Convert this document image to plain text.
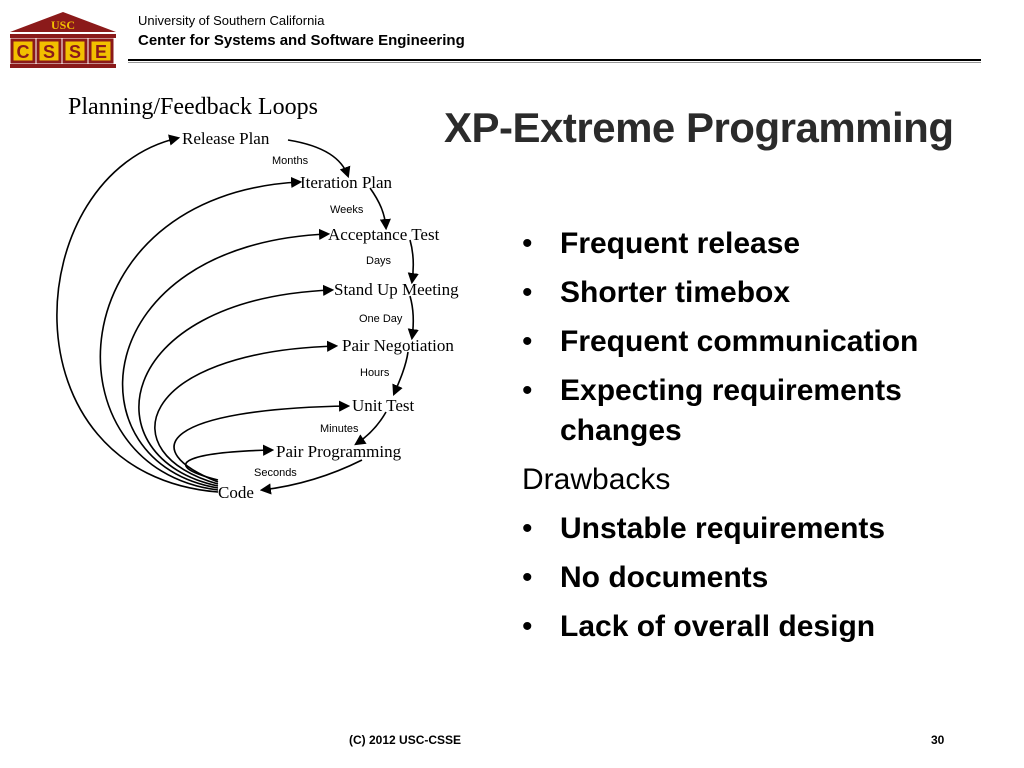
USC
C S S E
University of Southern California
Center for Systems and Software Engineering
XP-Extreme Programming
Planning/Feedback Loops
Release Plan
Iteration Plan
Acceptance Test
Stand Up Meeting
Pair Negotiation
Unit Test
Pair Programming
Code
Months
Weeks
Days
One Day
Hours
Minutes
Seconds
• Frequent release
• Shorter timebox
• Frequent communication
• Expecting requirements changes
Drawbacks
• Unstable requirements
• No documents
• Lack of overall design
(C) 2012 USC-CSSE	30
